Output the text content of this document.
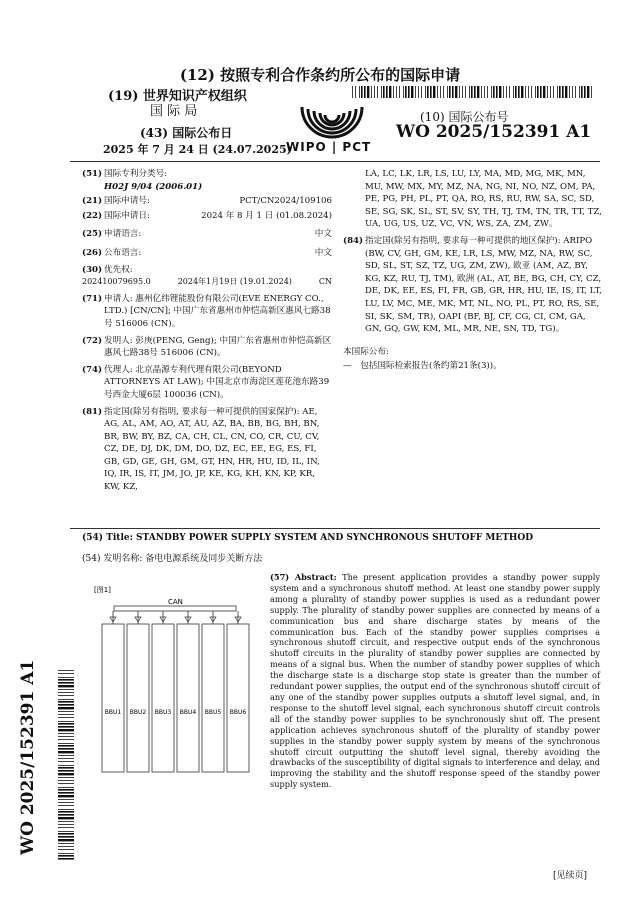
(12) 按照专利合作条约所公布的国际申请
(19) 世界知识产权组织
国 际 局
(43) 国际公布日
2025 年 7 月 24 日 (24.07.2025)
WIPO | PCT
(10) 国际公布号
WO 2025/152391 A1
(51) 国际专利分类号:
H02J 9/04 (2006.01)
(21) 国际申请号:	PCT/CN2024/109106
(22) 国际申请日:	2024 年 8 月 1 日 (01.08.2024)
(25) 申请语言:	中文
(26) 公布语言:	中文
(30) 优先权:
202410079695.0	2024年1月19日 (19.01.2024)	CN
(71) 申请人: 惠州亿纬锂能股份有限公司(EVE ENERGY CO., LTD.) [CN/CN]; 中国广东省惠州市仲恺高新区惠风七路38号 516006 (CN)。
(72) 发明人: 彭庚(PENG, Geng); 中国广东省惠州市仲恺高新区惠风七路38号 516006 (CN)。
(74) 代理人: 北京晶源专利代理有限公司(BEYOND ATTORNEYS AT LAW); 中国北京市海淀区莲花池东路39号西金大厦6层 100036 (CN)。
(81) 指定国(除另有指明, 要求每一种可提供的国家保护): AE, AG, AL, AM, AO, AT, AU, AZ, BA, BB, BG, BH, BN, BR, BW, BY, BZ, CA, CH, CL, CN, CO, CR, CU, CV, CZ, DE, DJ, DK, DM, DO, DZ, EC, EE, EG, ES, FI, GB, GD, GE, GH, GM, GT, HN, HR, HU, ID, IL, IN, IQ, IR, IS, IT, JM, JO, JP, KE, KG, KH, KN, KP, KR, KW, KZ,
LA, LC, LK, LR, LS, LU, LY, MA, MD, MG, MK, MN, MU, MW, MX, MY, MZ, NA, NG, NI, NO, NZ, OM, PA, PE, PG, PH, PL, PT, QA, RO, RS, RU, RW, SA, SC, SD, SE, SG, SK, SL, ST, SV, SY, TH, TJ, TM, TN, TR, TT, TZ, UA, UG, US, UZ, VC, VN, WS, ZA, ZM, ZW。
(84) 指定国(除另有指明, 要求每一种可提供的地区保护): ARIPO (BW, CV, GH, GM, KE, LR, LS, MW, MZ, NA, RW, SC, SD, SL, ST, SZ, TZ, UG, ZM, ZW), 欧亚 (AM, AZ, BY, KG, KZ, RU, TJ, TM), 欧洲 (AL, AT, BE, BG, CH, CY, CZ, DE, DK, EE, ES, FI, FR, GB, GR, HR, HU, IE, IS, IT, LT, LU, LV, MC, ME, MK, MT, NL, NO, PL, PT, RO, RS, SE, SI, SK, SM, TR), OAPI (BF, BJ, CF, CG, CI, CM, GA, GN, GQ, GW, KM, ML, MR, NE, SN, TD, TG)。
本国际公布:
—　包括国际检索报告(条约第21条(3))。
(54) Title: STANDBY POWER SUPPLY SYSTEM AND SYNCHRONOUS SHUTOFF METHOD
(54) 发明名称: 备电电源系统及同步关断方法
[图1]
CAN
BBU1 BBU2 BBU3 BBU4 BBU5 BBU6
(57) Abstract: The present application provides a standby power supply system and a synchronous shutoff method. At least one standby power supply among a plurality of standby power supplies is used as a redundant power supply. The plurality of standby power supplies are connected by means of a communication bus and share discharge states by means of the communication bus. Each of the standby power supplies comprises a synchronous shutoff circuit, and respective output ends of the synchronous shutoff circuits in the plurality of standby power supplies are connected by means of a signal bus. When the number of standby power supplies of which the discharge state is a discharge stop state is greater than the number of redundant power supplies, the output end of the synchronous shutoff circuit of any one of the standby power supplies outputs a shutoff level signal, and, in response to the shutoff level signal, each synchronous shutoff circuit controls all of the standby power supplies to be synchronously shut off. The present application achieves synchronous shutoff of the plurality of standby power supplies in the standby power supply system by means of the synchronous shutoff circuit outputting the shutoff level signal, thereby avoiding the drawbacks of the susceptibility of digital signals to interference and delay, and improving the stability and the shutoff response speed of the standby power supply system.
WO 2025/152391 A1
[见续页]
